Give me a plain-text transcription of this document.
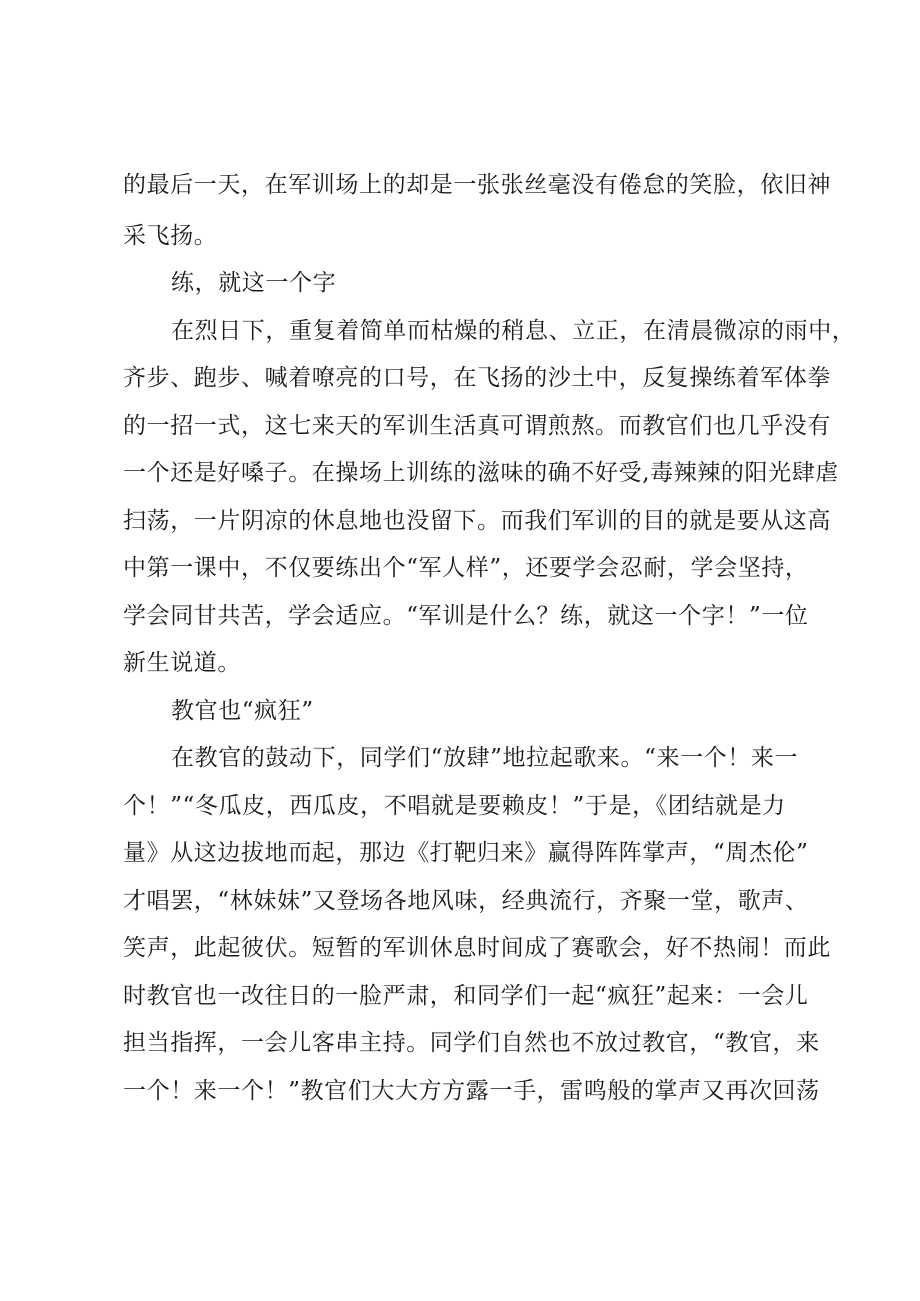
的最后一天，在军训场上的却是一张张丝毫没有倦怠的笑脸，依旧神

采飞扬。

练，就这一个字

在烈日下，重复着简单而枯燥的稍息、立正，在清晨微凉的雨中，

齐步、跑步、喊着嘹亮的口号，在飞扬的沙土中，反复操练着军体拳

的一招一式，这七来天的军训生活真可谓煎熬。而教官们也几乎没有

一个还是好嗓子。在操场上训练的滋味的确不好受,毒辣辣的阳光肆虐

扫荡，一片阴凉的休息地也没留下。而我们军训的目的就是要从这高

中第一课中，不仅要练出个“军人样”，还要学会忍耐，学会坚持，

学会同甘共苦，学会适应。“军训是什么？练，就这一个字！”一位

新生说道。

教官也“疯狂”

在教官的鼓动下，同学们“放肆”地拉起歌来。“来一个！来一

个！”“冬瓜皮，西瓜皮，不唱就是要赖皮！”于是，《团结就是力

量》从这边拔地而起，那边《打靶归来》赢得阵阵掌声，“周杰伦”

才唱罢，“林妹妹”又登场各地风味，经典流行，齐聚一堂，歌声、

笑声，此起彼伏。短暂的军训休息时间成了赛歌会，好不热闹！而此

时教官也一改往日的一脸严肃，和同学们一起“疯狂”起来：一会儿

担当指挥，一会儿客串主持。同学们自然也不放过教官，“教官，来

一个！来一个！”教官们大大方方露一手，雷鸣般的掌声又再次回荡
